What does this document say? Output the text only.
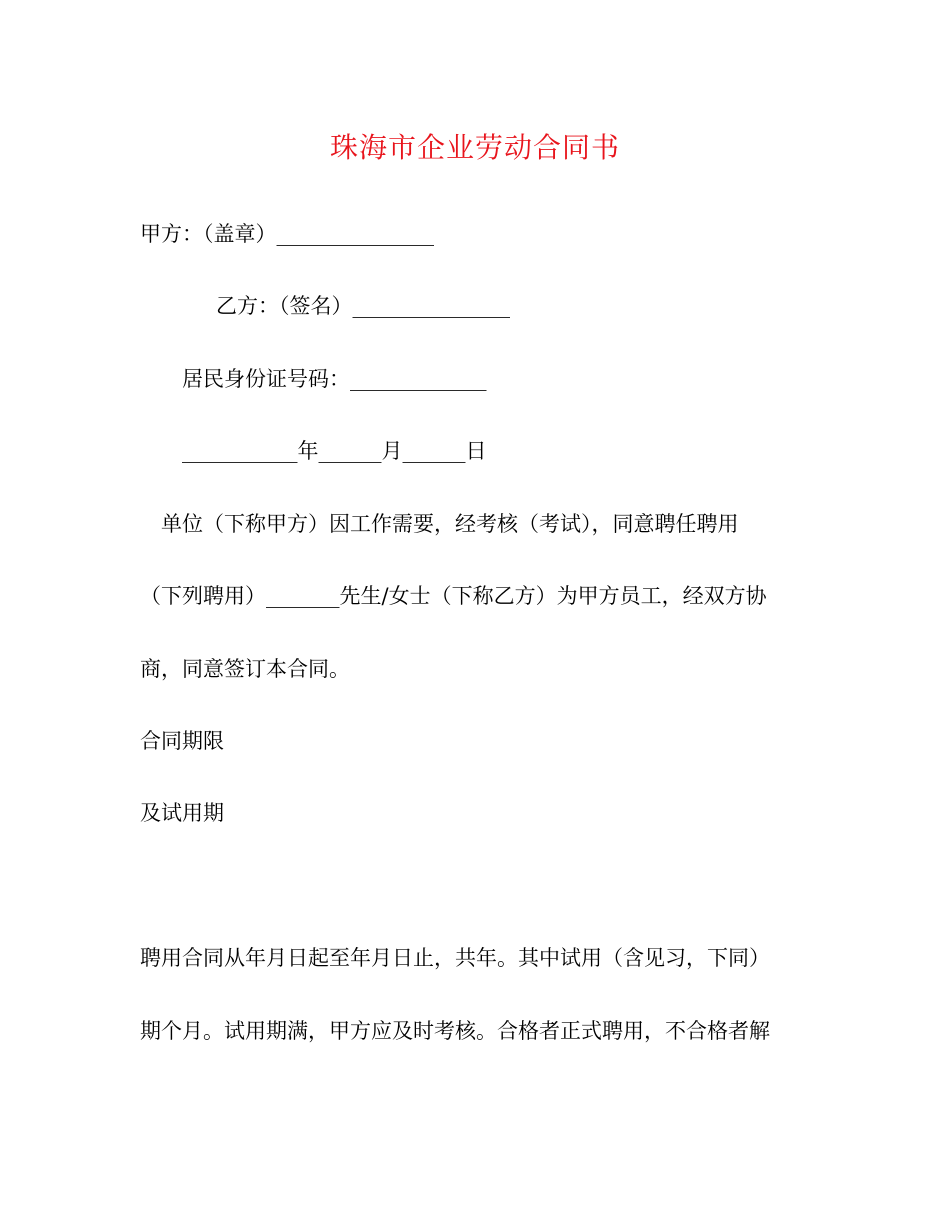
珠海市企业劳动合同书
甲方：（盖章）_______________
乙方：（签名）_______________
居民身份证号码：_____________
___________年______月______日
单位（下称甲方）因工作需要，经考核（考试），同意聘任聘用
（下列聘用）_______先生/女士（下称乙方）为甲方员工，经双方协
商，同意签订本合同。
合同期限
及试用期
聘用合同从年月日起至年月日止，共年。其中试用（含见习，下同）
期个月。试用期满，甲方应及时考核。合格者正式聘用，不合格者解
